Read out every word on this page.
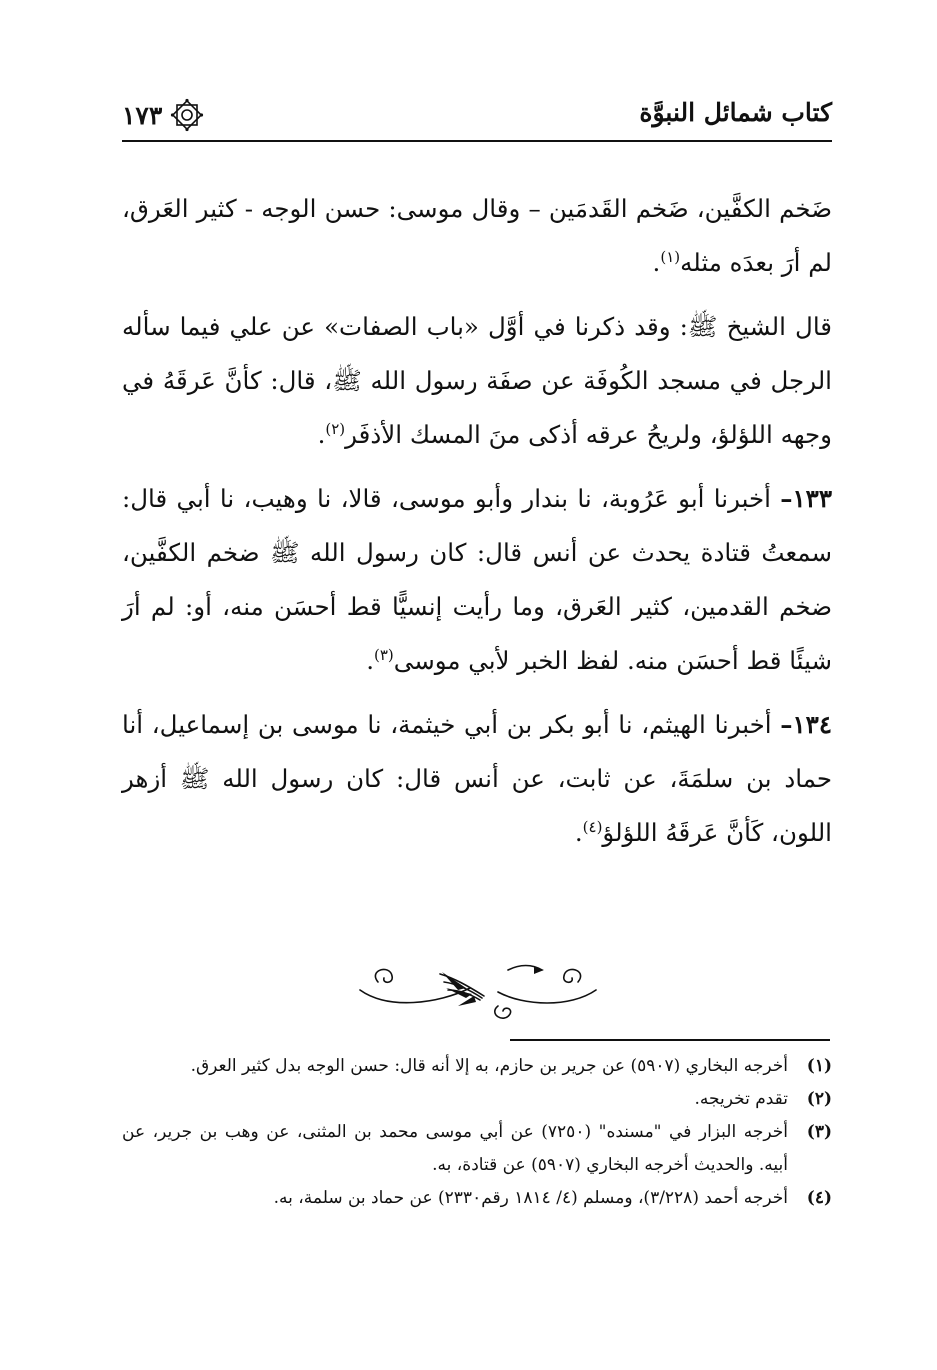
كتاب شمائل النبوَّة
١٧٣

ضَخم الكفَّين، ضَخم القَدمَين – وقال موسى: حسن الوجه - كثير العَرق، لم أرَ بعدَه مثله$^{(١)}$.

قال الشيخ ﷺ: وقد ذكرنا في أوَّل «باب الصفات» عن علي فيما سأله الرجل في مسجد الكُوفَة عن صفَة رسول الله ﷺ، قال: كأنَّ عَرقَهُ في وجهه اللؤلؤ، ولريحُ عرقه أذكى منَ المسك الأذفَر$^{(٢)}$.

١٣٣– أخبرنا أبو عَرُوبة، نا بندار وأبو موسى، قالا، نا وهيب، نا أبي قال: سمعتُ قتادة يحدث عن أنس قال: كان رسول الله ﷺ ضخم الكفَّين، ضخم القدمين، كثير العَرق، وما رأيت إنسيًّا قط أحسَن منه، أو: لم أرَ شيئًا قط أحسَن منه. لفظ الخبر لأبي موسى$^{(٣)}$.

١٣٤– أخبرنا الهيثم، نا أبو بكر بن أبي خيثمة، نا موسى بن إسماعيل، أنا حماد بن سلمَةَ، عن ثابت، عن أنس قال: كان رسول الله ﷺ أزهر اللون، كَأنَّ عَرقَهُ اللؤلؤ$^{(٤)}$.

(١)
أخرجه البخاري (٥٩٠٧) عن جرير بن حازم، به إلا أنه قال: حسن الوجه بدل كثير العرق.
(٢)
تقدم تخريجه.
(٣)
أخرجه البزار في "مسنده" (٧٢٥٠) عن أبي موسى محمد بن المثنى، عن وهب بن جرير، عن أبيه. والحديث أخرجه البخاري (٥٩٠٧) عن قتادة، به.
(٤)
أخرجه أحمد (٣/٢٢٨)، ومسلم (٤/ ١٨١٤ رقم٢٣٣٠) عن حماد بن سلمة، به.
